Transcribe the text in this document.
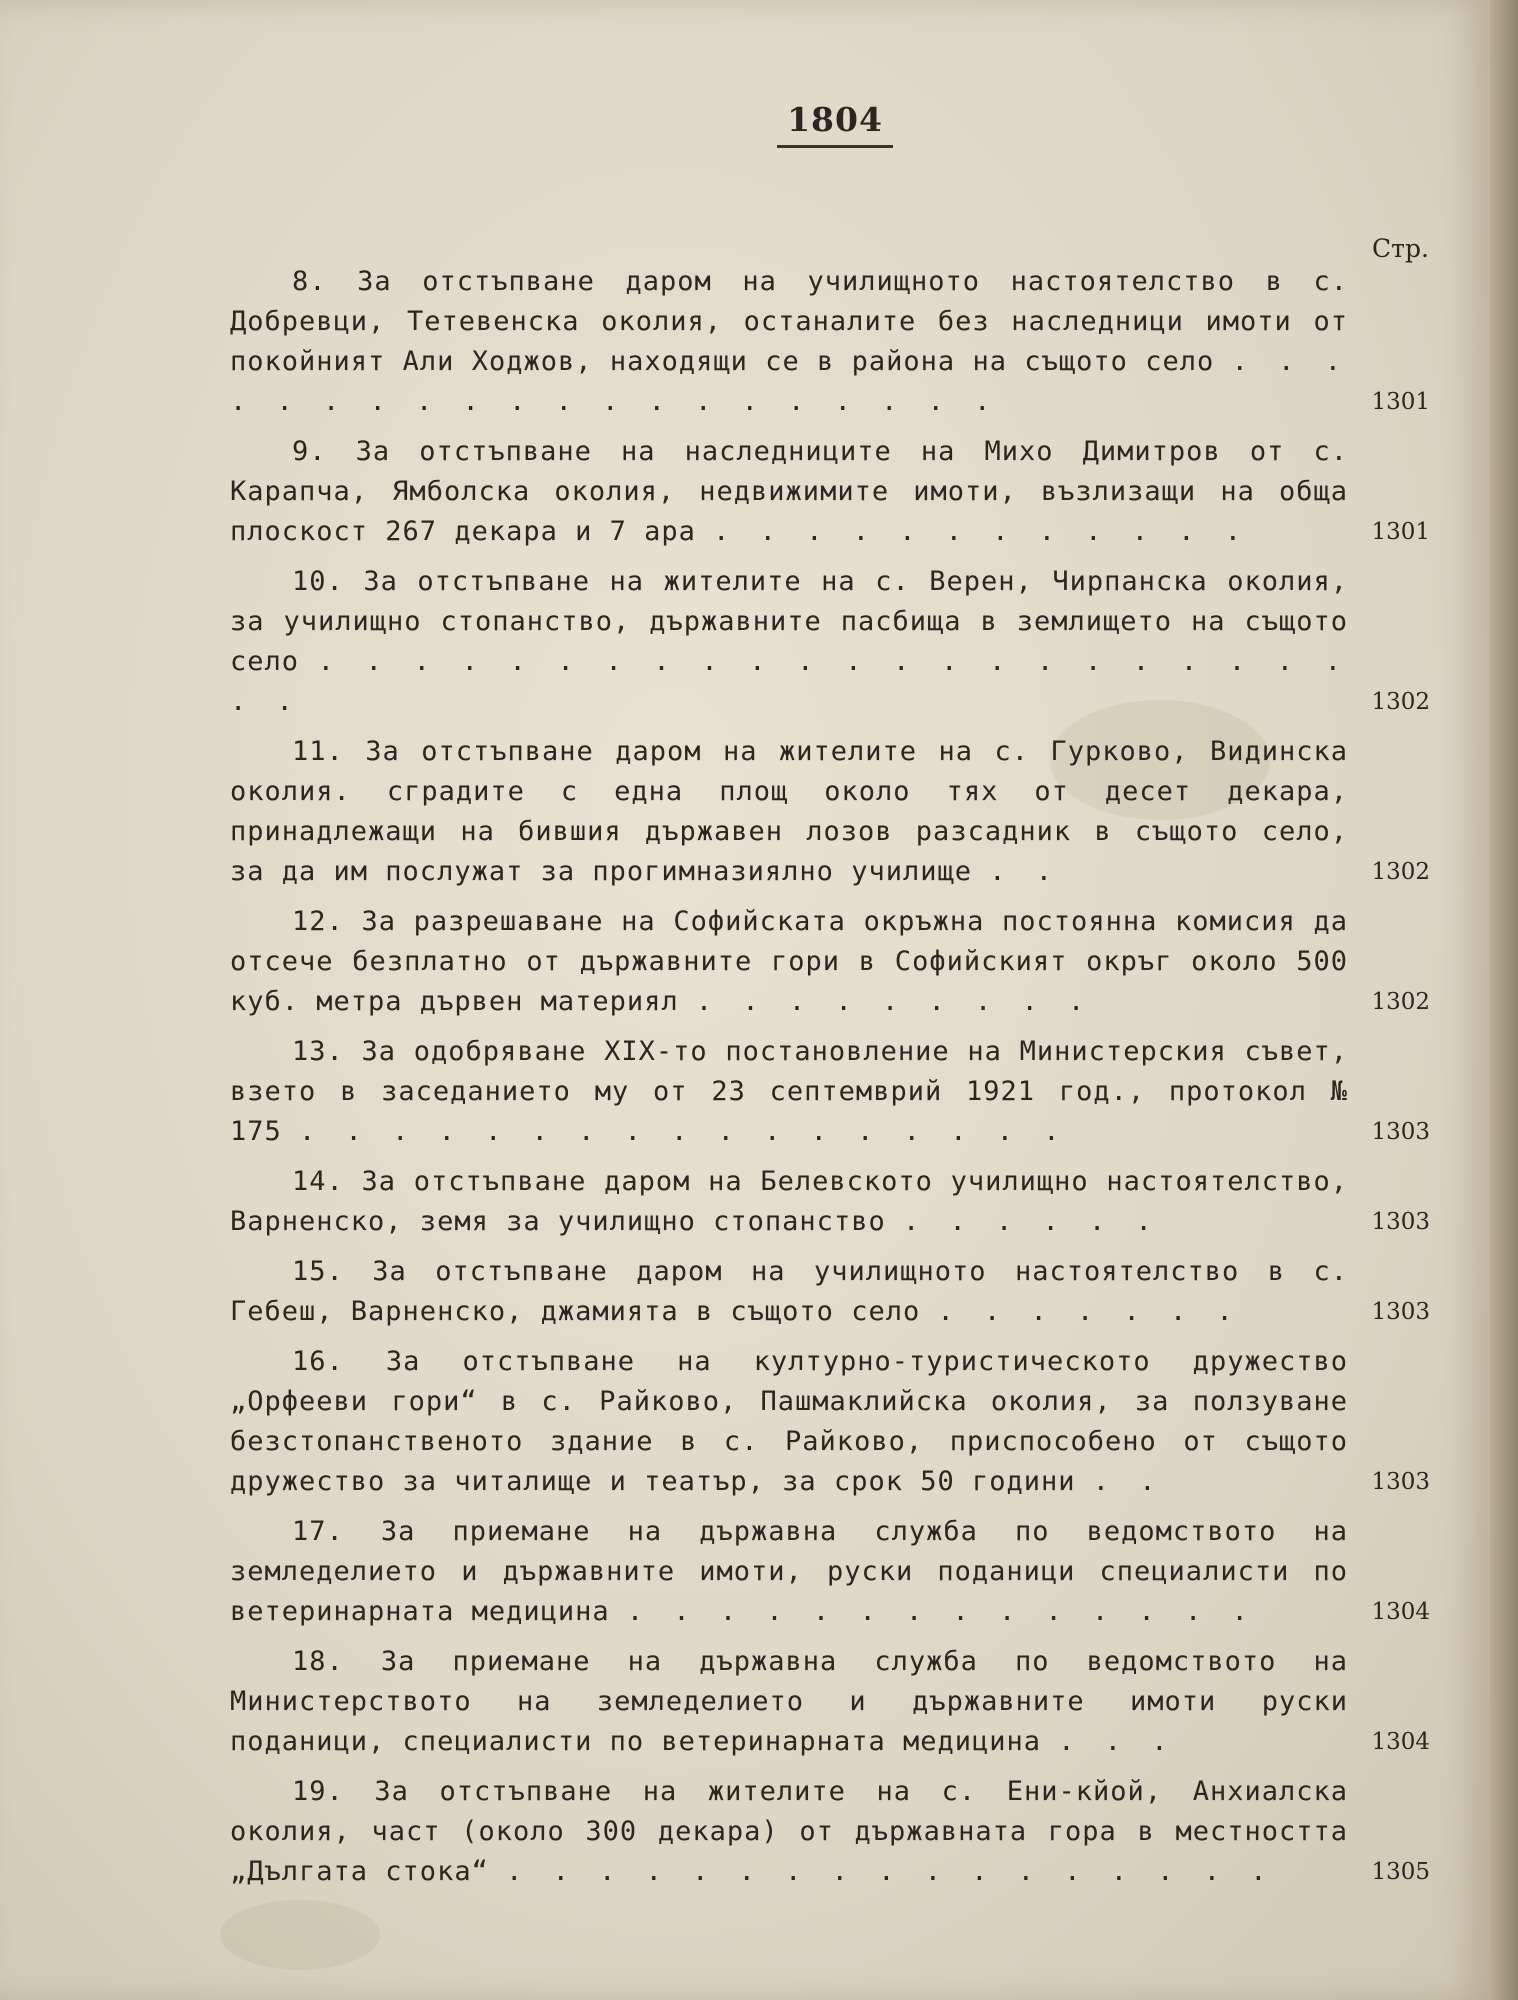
1804
Стр.
8. За отстъпване даром на училищното настоятелство в с. Добревци, Тетевенска околия, останалите без наследници имоти от покойният Али Ходжов, находящи се в района на същото село . . . . . . . . . . . . . . . . . . . .	1301
9. За отстъпване на наследниците на Михо Димитров от с. Карапча, Ямболска околия, недвижимите имоти, възлизащи на обща плоскост 267 декара и 7 ара . . . . . . . . . . . .	1301
10. За отстъпване на жителите на с. Верен, Чирпанска околия, за училищно стопанство, държавните пасбища в землището на същото село . . . . . . . . . . . . . . . . . . . . . . . .	1302
11. За отстъпване даром на жителите на с. Гурково, Видинска околия. сградите с една площ около тях от десет декара, принадлежащи на бившия държавен лозов разсадник в същото село, за да им послужат за прогимназиялно училище . .	1302
12. За разрешаване на Софийската окръжна постоянна комисия да отсече безплатно от държавните гори в Софийският окръг около 500 куб. метра дървен материял . . . . . . . . .	1302
13. За одобряване XIX-то постановление на Министерския съвет, взето в заседанието му от 23 септемврий 1921 год., протокол № 175 . . . . . . . . . . . . . . . . .	1303
14. За отстъпване даром на Белевското училищно настоятелство, Варненско, земя за училищно стопанство . . . . . .	1303
15. За отстъпване даром на училищното настоятелство в с. Гебеш, Варненско, джамията в същото село . . . . . . .	1303
16. За отстъпване на културно-туристическото дружество „Орфееви гори“ в с. Райково, Пашмаклийска околия, за ползуване безстопанственото здание в с. Райково, приспособено от същото дружество за читалище и театър, за срок 50 години . .	1303
17. За приемане на държавна служба по ведомството на земледелието и държавните имоти, руски поданици специалисти по ветеринарната медицина . . . . . . . . . . . . . .	1304
18. За приемане на държавна служба по ведомството на Министерството на земледелието и държавните имоти руски поданици, специалисти по ветеринарната медицина . . .	1304
19. За отстъпване на жителите на с. Ени-кйой, Анхиалска околия, част (около 300 декара) от държавната гора в местността „Дългата стока“ . . . . . . . . . . . . . . . . .	1305
